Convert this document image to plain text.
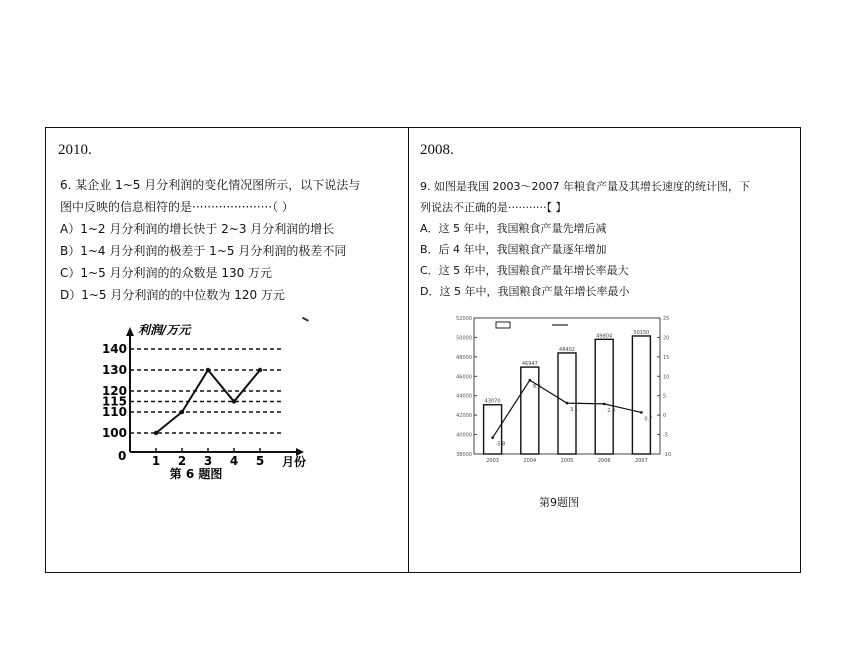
2010.
6. 某企业 1~5 月分利润的变化情况图所示，以下说法与
图中反映的信息相符的是·····················（ ）
A）1~2 月分利润的增长快于 2~3 月分利润的增长
B）1~4 月分利润的极差于 1~5 月分利润的极差不同
C）1~5 月分利润的的众数是 130 万元
D）1~5 月分利润的的中位数为 120 万元
利润/万元
月份
0
100
110
115
120
130
140
1 2 3 4 5
第 6 题图
2008.
9. 如图是我国 2003～2007 年粮食产量及其增长速度的统计图，下
列说法不正确的是···········【 】
A．这 5 年中，我国粮食产量先增后减
B．后 4 年中，我国粮食产量逐年增加
C．这 5 年中，我国粮食产量年增长率最大
D．这 5 年中，我国粮食产量年增长率最小
38000
40000
42000
44000
46000
48000
50000
52000
-10
-5
0
5
10
15
20
25
43070
2003
46947
2004
48402
2005
49804
2006
50150
2007
-5.8
9.0
3.1	2.9
0.7
第9题图
